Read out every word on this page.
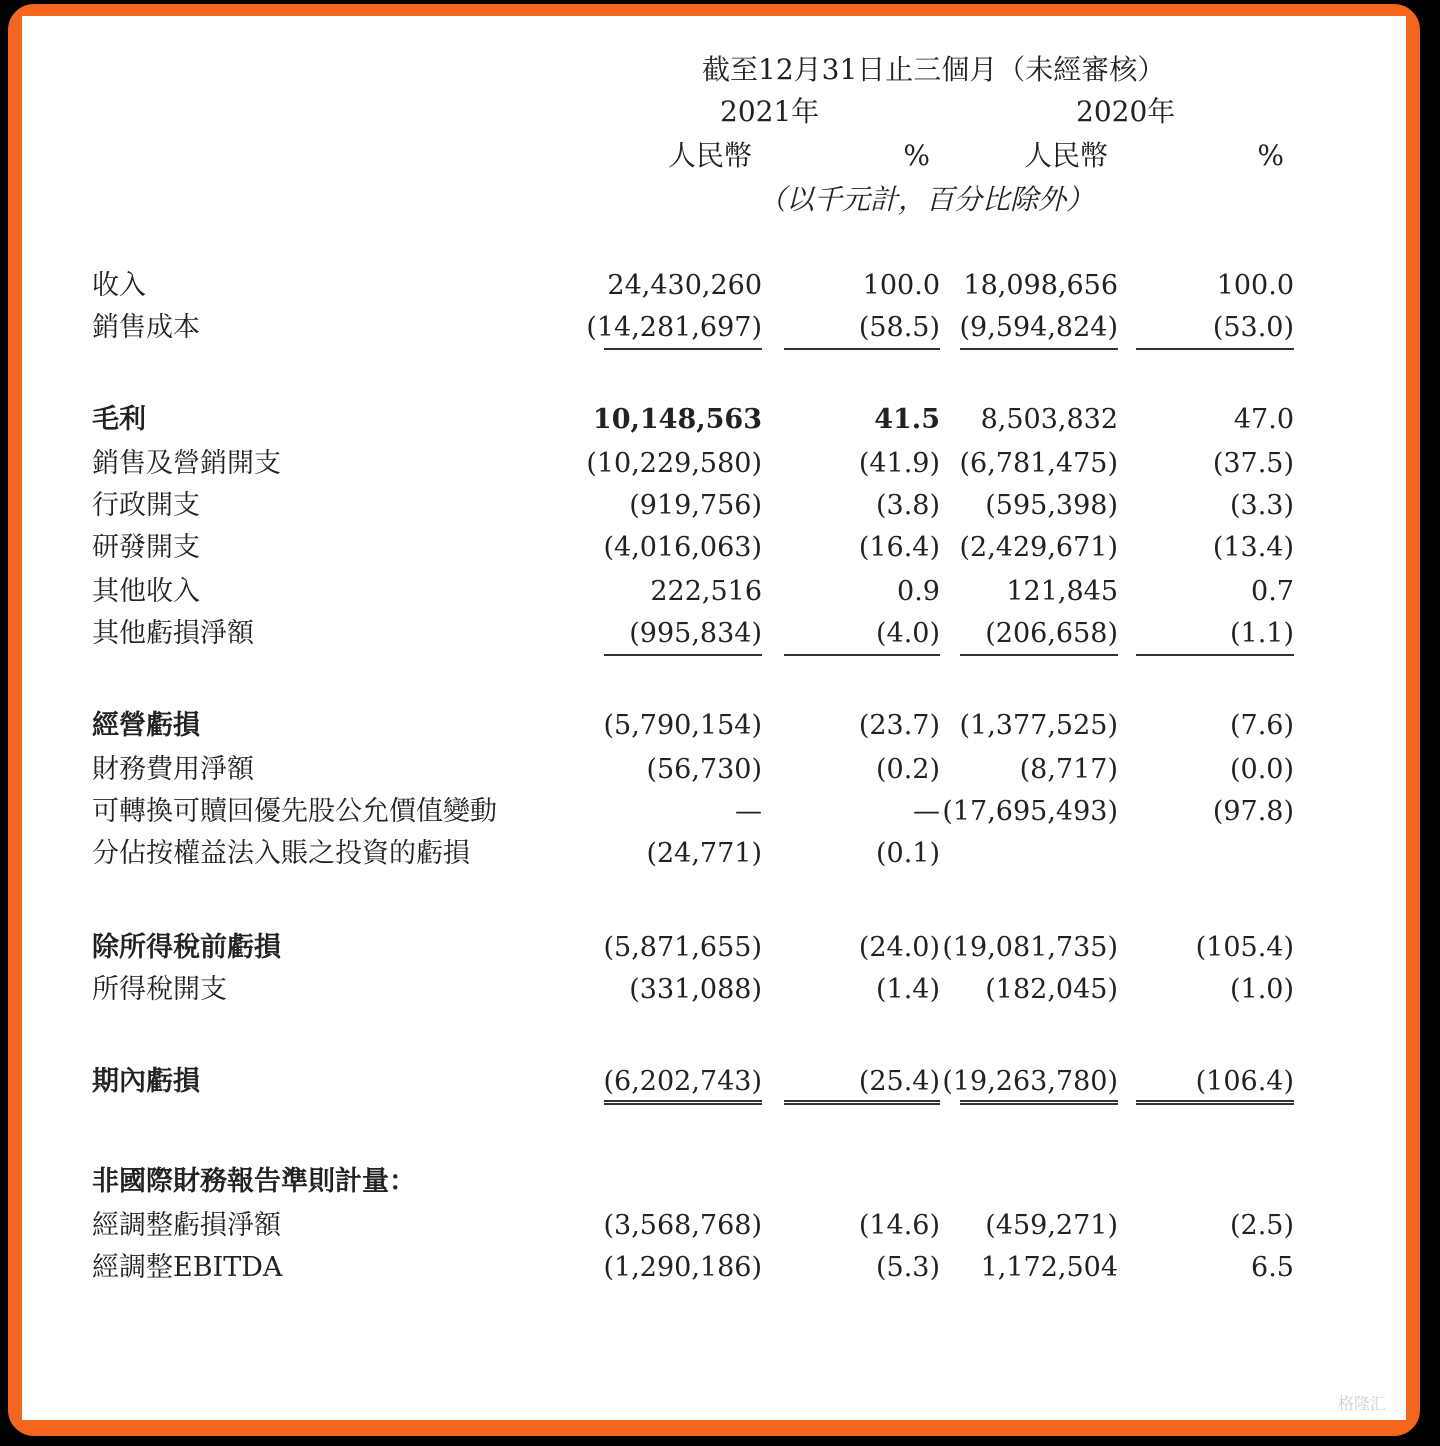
截至12月31日止三個月（未經審核）
2021年	2020年
人民幣	%	人民幣	%
（以千元計，百分比除外）
收入	24,430,260	100.0 18,098,656	100.0
銷售成本	(14,281,697)	(58.5) (9,594,824)	(53.0)
毛利	10,148,563	41.5 8,503,832	47.0
銷售及營銷開支	(10,229,580)	(41.9) (6,781,475)	(37.5)
行政開支	(919,756)	(3.8) (595,398)	(3.3)
研發開支	(4,016,063)	(16.4) (2,429,671)	(13.4)
其他收入	222,516	0.9 121,845	0.7
其他虧損淨額	(995,834)	(4.0) (206,658)	(1.1)
經營虧損	(5,790,154)	(23.7) (1,377,525)	(7.6)
財務費用淨額	(56,730)	(0.2)	(8,717)	(0.0)
可轉換可贖回優先股公允價值變動	—	— (17,695,493)	(97.8)
分佔按權益法入賬之投資的虧損	(24,771)	(0.1)
除所得稅前虧損	(5,871,655)	(24.0) (19,081,735)	(105.4)
所得稅開支	(331,088)	(1.4) (182,045)	(1.0)
期內虧損	(6,202,743)	(25.4) (19,263,780)	(106.4)
非國際財務報告準則計量：
經調整虧損淨額	(3,568,768)	(14.6) (459,271)	(2.5)
經調整EBITDA	(1,290,186)	(5.3) 1,172,504	6.5
格隆汇
